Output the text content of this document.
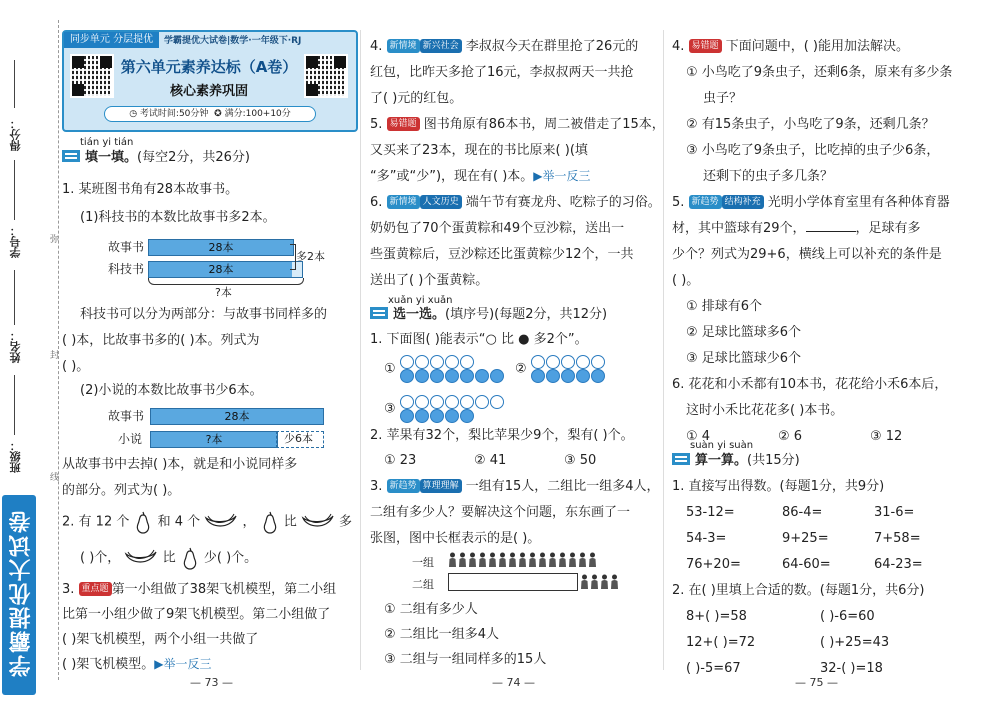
得分：
学号：
姓名：
班级：
弥
封
线
学霸提优大试卷
同步单元 分层提优	学霸提优大试卷|数学·一年级下·RJ
第六单元素养达标（A卷）
核心素养巩固
◷ 考试时间:50分钟 ✪ 满分:100+10分
tián yi tián
填一填。(每空2分，共26分)
1. 某班图书角有28本故事书。
(1)科技书的本数比故事书多2本。
故事书	28本
科技书	28本
多2本
?本
科技书可以分为两部分：与故事书同样多的
( )本，比故事书多的( )本。列式为
( )。
(2)小说的本数比故事书少6本。
故事书	28本
小说	?本	少6本
从故事书中去掉( )本，就是和小说同样多
的部分。列式为( )。
2. 有 12 个 和 4 个	， 比	多
( )个，	比 少( )个。
3. 重点题 第一小组做了38架飞机模型，第二小组
比第一小组少做了9架飞机模型。第二小组做了
( )架飞机模型，两个小组一共做了
( )架飞机模型。▶举一反三
4. 新情境 新兴社会 李叔叔今天在群里抢了26元的
红包，比昨天多抢了16元，李叔叔两天一共抢
了( )元的红包。
5. 易错题 图书角原有86本书，周二被借走了15本，
又买来了23本，现在的书比原来( )(填
“多”或“少”)，现在有( )本。▶举一反三
6. 新情境 人文历史 端午节有赛龙舟、吃粽子的习俗。
奶奶包了70个蛋黄粽和49个豆沙粽，送出一
些蛋黄粽后，豆沙粽还比蛋黄粽少12个，一共
送出了( )个蛋黄粽。
xuǎn yi xuǎn
选一选。(填序号)(每题2分，共12分)
1. 下面图( )能表示“○ 比 ● 多2个”。
①	②

③

2. 苹果有32个，梨比苹果少9个，梨有( )个。
① 23	② 41	③ 50
3. 新趋势 算理理解 一组有15人，二组比一组多4人，
二组有多少人？要解决这个问题，东东画了一
张图，图中长框表示的是( )。
一组
二组
① 二组有多少人
② 二组比一组多4人
③ 二组与一组同样多的15人
4. 易错题 下面问题中，( )能用加法解决。
① 小鸟吃了9条虫子，还剩6条，原来有多少条
虫子？
② 有15条虫子，小鸟吃了9条，还剩几条？
③ 小鸟吃了9条虫子，比吃掉的虫子少6条，
还剩下的虫子多几条？
5. 新趋势 结构补充 光明小学体育室里有各种体育器
材，其中篮球有29个，	，足球有多
少个？列式为29+6，横线上可以补充的条件是
( )。
① 排球有6个
② 足球比篮球多6个
③ 足球比篮球少6个
6. 花花和小禾都有10本书，花花给小禾6本后，
这时小禾比花花多( )本书。
① 4	② 6	③ 12
suàn yi suàn
算一算。(共15分)
1. 直接写出得数。(每题1分，共9分)
53-12=	86-4=	31-6=
54-3=	9+25=	7+58=
76+20=	64-60=	64-23=
2. 在( )里填上合适的数。(每题1分，共6分)
8+( )=58	( )-6=60
12+( )=72	( )+25=43
( )-5=67	32-( )=18
— 73 —	— 74 —	— 75 —
